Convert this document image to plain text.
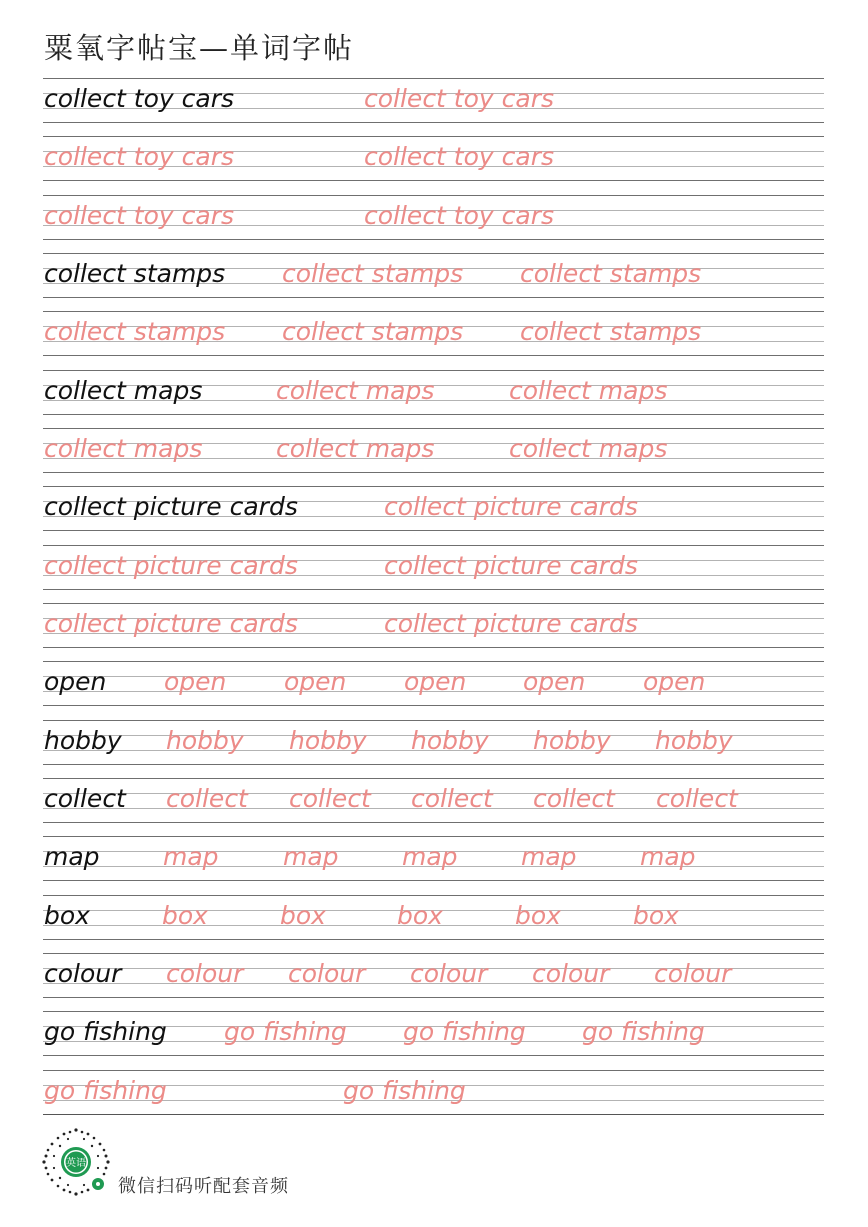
粟氧字帖宝—单词字帖
collect toy cars	collect toy cars
collect toy cars	collect toy cars
collect toy cars	collect toy cars
collect stamps collect stamps collect stamps
collect stamps collect stamps collect stamps
collect maps	collect maps	collect maps
collect maps	collect maps	collect maps
collect picture cards	collect picture cards
collect picture cards	collect picture cards
collect picture cards	collect picture cards
open open open open open open
hobby hobby hobby hobby hobby hobby
collect collect collect collect collect collect
map	map	map	map	map	map
box	box	box	box	box	box
colour colour colour colour colour colour
go fishing go fishing go fishing go fishing
go fishing	go fishing
英语
微信扫码听配套音频
